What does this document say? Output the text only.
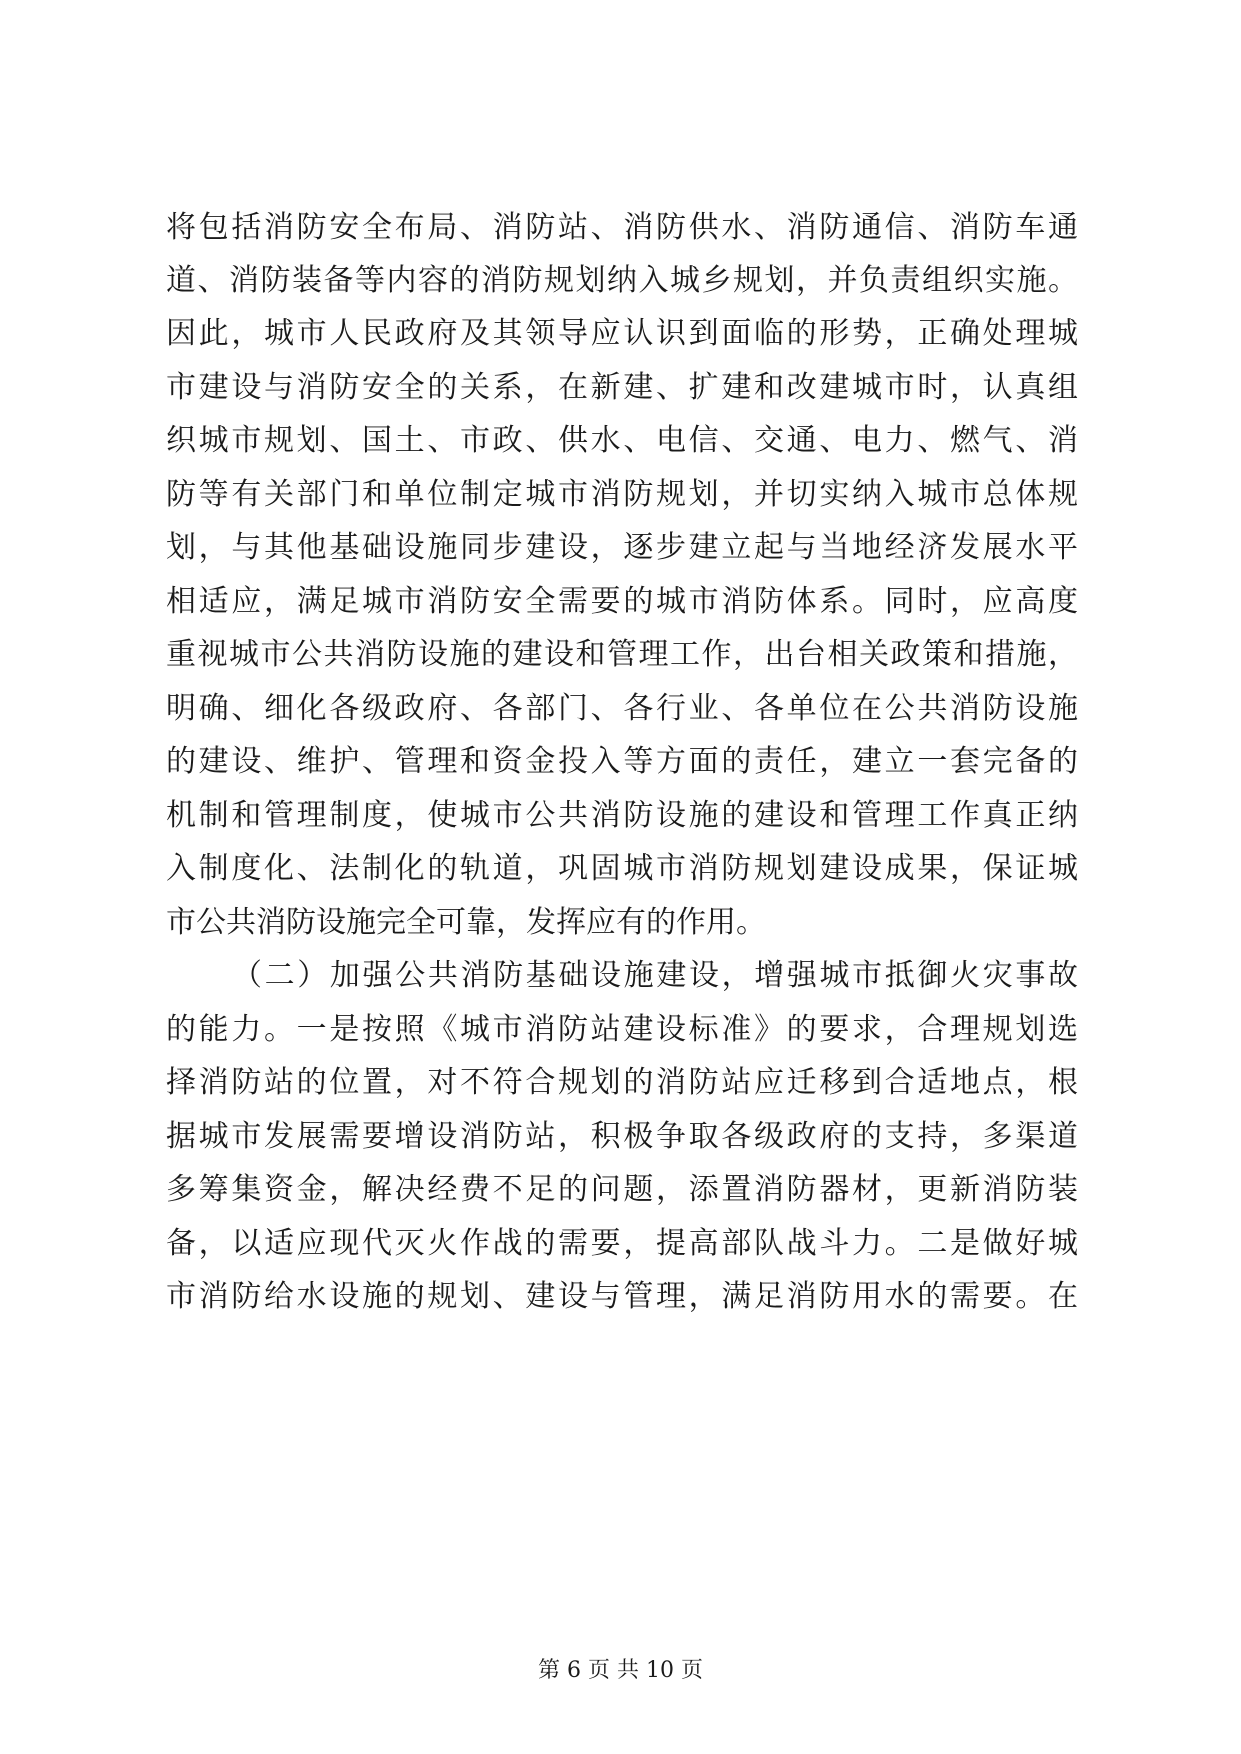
将包括消防安全布局、消防站、消防供水、消防通信、消防车通
道、消防装备等内容的消防规划纳入城乡规划，并负责组织实施。
因此，城市人民政府及其领导应认识到面临的形势，正确处理城
市建设与消防安全的关系，在新建、扩建和改建城市时，认真组
织城市规划、国土、市政、供水、电信、交通、电力、燃气、消
防等有关部门和单位制定城市消防规划，并切实纳入城市总体规
划，与其他基础设施同步建设，逐步建立起与当地经济发展水平
相适应，满足城市消防安全需要的城市消防体系。同时，应高度
重视城市公共消防设施的建设和管理工作，出台相关政策和措施，
明确、细化各级政府、各部门、各行业、各单位在公共消防设施
的建设、维护、管理和资金投入等方面的责任，建立一套完备的
机制和管理制度，使城市公共消防设施的建设和管理工作真正纳
入制度化、法制化的轨道，巩固城市消防规划建设成果，保证城
市公共消防设施完全可靠，发挥应有的作用。
（二）加强公共消防基础设施建设，增强城市抵御火灾事故
的能力。一是按照《城市消防站建设标准》的要求，合理规划选
择消防站的位置，对不符合规划的消防站应迁移到合适地点，根
据城市发展需要增设消防站，积极争取各级政府的支持，多渠道
多筹集资金，解决经费不足的问题，添置消防器材，更新消防装
备，以适应现代灭火作战的需要，提高部队战斗力。二是做好城
市消防给水设施的规划、建设与管理，满足消防用水的需要。在
第 6 页 共 10 页
